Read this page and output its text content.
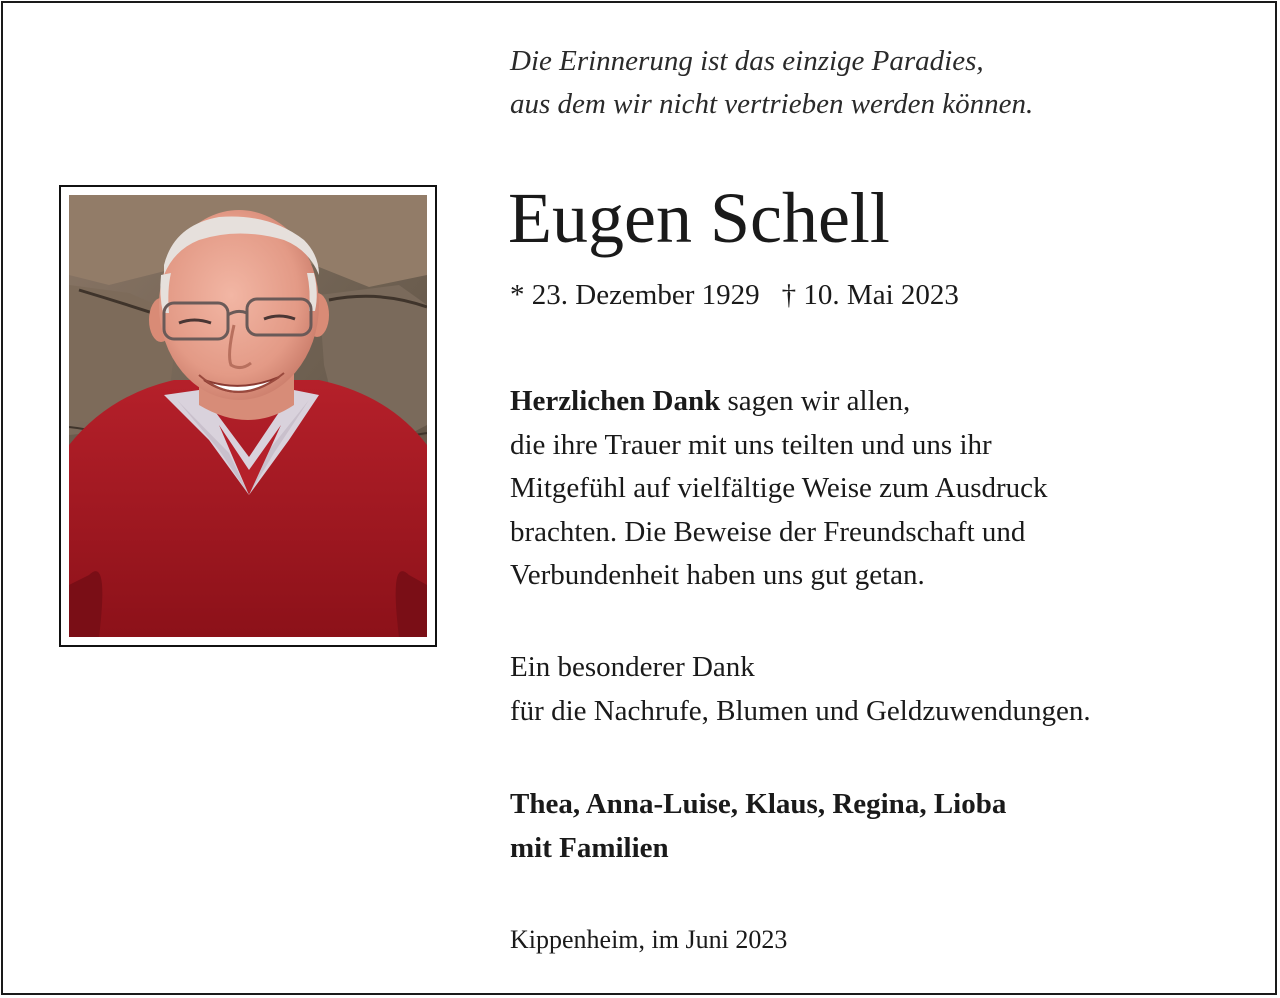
Die Erinnerung ist das einzige Paradies,
aus dem wir nicht vertrieben werden können.
Eugen Schell
* 23. Dezember 1929 † 10. Mai 2023
Herzlichen Dank sagen wir allen,
die ihre Trauer mit uns teilten und uns ihr
Mitgefühl auf vielfältige Weise zum Ausdruck
brachten. Die Beweise der Freundschaft und
Verbundenheit haben uns gut getan.
Ein besonderer Dank
für die Nachrufe, Blumen und Geldzuwendungen.
Thea, Anna-Luise, Klaus, Regina, Lioba
mit Familien
Kippenheim, im Juni 2023
